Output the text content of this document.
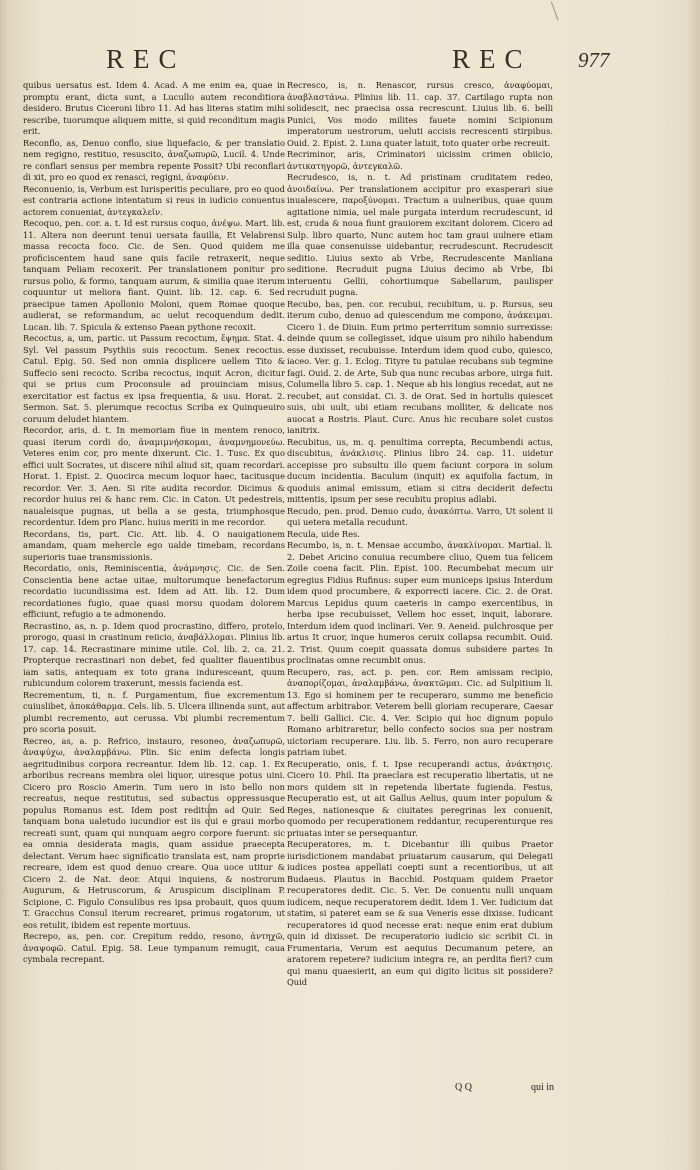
REC	REC 977

quibus uersatus est. Idem 4. Acad. A me enim ea, quae in promptu erant, dicta sunt, a Lucullo autem reconditiora desidero. Brutus Ciceroni libro 11. Ad has literas statim mihi rescribe, tuorumque aliquem mitte, si quid reconditum magis erit.

Reconflo, as, Denuo conflo, siue liquefacio, & per translatio nem regigno, restituo, resuscito, ἀναζωπυρῶ, Lucil. 4. Unde re conflari sensus per membra repente Possit? Ubi reconflari di xit, pro eo quod ex renasci, regigni, ἀναφύειν.

Reconuenio, is, Verbum est Iurisperitis peculiare, pro eo quod est contraria actione intentatum si reus in iudicio conuentus actorem conueniat, ἀντεγκαλεῖν.

Recoquo, pen. cor. a. t. Id est rursus coquo, ἀνέψω. Mart. lib. 11. Altera non deerunt tenui uersata fauilla, Et Velabrensi massa recocta foco. Cic. de Sen. Quod quidem me proficiscentem haud sane quis facile retraxerit, neque tanquam Peliam recoxerit. Per translationem ponitur pro rursus polio, & formo, tanquam aurum, & similia quae iterum coquuntur ut meliora fiant. Quint. lib. 12. cap. 6. Sed praecipue tamen Apollonio Moloni, quem Romae quoque audierat, se reformandum, ac uelut recoquendum dedit. Lucan. lib. 7. Spicula & extenso Paean pythone recoxit.

Recoctus, a, um, partic. ut Passum recoctum, ἕψημα. Stat. 4. Syl. Vel passum Psythiis suis recoctum. Senex recoctus. Catul. Epig. 50. Sed non omnia displicere uellem Tito & Suffecio seni recocto. Scriba recoctus, inquit Acron, dicitur qui se prius cum Proconsule ad prouinciam misus, exercitatior est factus ex ipsa frequentia, & usu. Horat. 2. Sermon. Sat. 5. plerumque recoctus Scriba ex Quinqueuiro coruum deludet hiantem.

Recordor, aris, d. t. In memoriam fiue in mentem renoco, quasi iterum cordi do, ἀναμιμνήσκομαι, ἀναμνημονεύω. Veteres enim cor, pro mente dixerunt. Cic. 1. Tusc. Ex quo effici uult Socrates, ut discere nihil aliud sit, quam recordari. Horat. 1. Epist. 2. Quocirca mecum loquor haec, tacitusque recordor. Ver. 3. Aen. Si rite audita recordor. Dicimus & recordor huius rei & hanc rem. Cic. in Caton. Ut pedestreis, naualeisque pugnas, ut bella a se gesta, triumphosque recordentur. Idem pro Planc. huius meriti in me recordor.

Recordans, tis, part. Cic. Att. lib. 4. O nauigationem amandam, quam mehercle ego ualde timebam, recordans superioris tuae transmissionis.

Recordatio, onis, Reminiscentia, ἀνάμνησις. Cic. de Sen. Conscientia bene actae uitae, multorumque benefactorum recordatio iucundissima est. Idem ad Att. lib. 12. Dum recordationes fugio, quae quasi morsu quodam dolorem efficiunt, refugio a te admonendo.

Recrastino, as, n. p. Idem quod procrastino, differo, protelo, prorogo, quasi in crastinum reiicio, ἀναβάλλομαι. Plinius lib. 17. cap. 14. Recrastinare minime utile. Col. lib. 2. ca. 21. Propterque recrastinari non debet, fed qualiter flauentibus iam satis, antequam ex toto grana induresceant, quum rubicundum colorem traxerunt, messis facienda est.

Recrementum, ti, n. f. Purgamentum, fiue excrementum cuiuslibet, ἀποκάθαρμα. Cels. lib. 5. Ulcera illinenda sunt, aut plumbi recremento, aut cerussa. Vbi plumbi recrementum pro scoria posuit.

Recreo, as, a. p. Refrico, instauro, resoneo, ἀναζωπυρῶ, ἀναψύχω, ἀναλαμβάνω. Plin. Sic enim defecta longis aegritudinibus corpora recreantur. Idem lib. 12. cap. 1. Ex arboribus recreans membra olei liquor, uiresque potus uini. Cicero pro Roscio Amerin. Tum uero in isto bello non recreatus, neque restitutus, sed subactus oppressusque populus Romanus est. Idem post reditum ad Quir. Sed tanquam bona ualetudo iucundior est iis qui e graui morbo recreati sunt, quam qui nunquam aegro corpore fuerunt: sic ea omnia desiderata magis, quam assidue praecepta delectant. Verum haec significatio translata est, nam proprie recreare, idem est quod denuo creare. Qua uoce utitur & Cicero 2. de Nat. deor. Atqui inquiens, & nostrorum Augurum, & Hetruscorum, & Aruspicum disciplinam P. Scipione, C. Figulo Consulibus res ipsa probauit, quos quum T. Gracchus Consul iterum recrearet, primus rogatorum, ut eos retulit, ibidem est repente mortuus.

Recrepo, as, pen. cor. Crepitum reddo, resono, ἀντηχῶ, ἀναψοφῶ. Catul. Epig. 58. Leue tympanum remugit, caua cymbala recrepant.

Recresco, is, n. Renascor, rursus cresco, ἀναφύομαι, ἀναβλαστάνω. Plinius lib. 11. cap. 37. Cartilago rupta non solidescit, nec praecisa ossa recrescunt. Liuius lib. 6. belli Punici, Vos modo milites fauete nomini Scipionum imperatorum uestrorum, ueluti accisis recrescenti stirpibus. Ouid. 2. Epist. 2. Luna quater latuit, toto quater orbe recreuit.

Recriminor, aris, Criminatori uicissim crimen obiicio, ἀντικατηγορῶ, ἀντεγκαλῶ.

Recrudesco, is, n. t. Ad pristinam cruditatem redeo, ἀνοιδαίνω. Per translationem accipitur pro exasperari siue inualescere, παροξύνομαι. Tractum a uulneribus, quae quum agitatione nimia, uel male purgata interdum recrudescunt, id est, cruda & noua fiunt grauiorem excitant dolorem. Cicero ad Sulp. libro quarto, Nunc autem hoc tam graui uulnere etiam illa quae consenuisse uidebantur, recrudescunt. Recrudescit seditio. Liuius sexto ab Vrbe, Recrudescente Manliana seditione. Recruduit pugna Liuius decimo ab Vrbe, Ibi interuentu Gellii, cohortiumque Sabellarum, paulisper recruduit pugna.

Recubo, bas, pen. cor. recubui, recubitum, u. p. Rursus, seu iterum cubo, denuo ad quiescendum me compono, ἀνάκειμαι. Cicero 1. de Diuin. Eum primo perterritum somnio surrexisse: deinde quum se collegisset, idque uisum pro nihilo habendum esse duxisset, recubuisse. Interdum idem quod cubo, quiesco, iaceo. Ver. g. 1. Eclog. Tityre tu patulae recubans sub tegmine fagi. Ouid. 2. de Arte, Sub qua nunc recubas arbore, uirga fuit. Columella libro 5. cap. 1. Neque ab his longius recedat, aut ne recubet, aut considat. Ci. 3. de Orat. Sed in hortulis quiescet suis, ubi uult, ubi etiam recubans molliter, & delicate nos auocat a Rostris. Plaut. Curc. Anus hic recubare solet custos ianitrix.

Recubitus, us, m. q. penultima correpta, Recumbendi actus, discubitus, ἀνάκλισις. Plinius libro 24. cap. 11. uidetur accepisse pro subsultu illo quem faciunt corpora in solum ducum incidentia. Baculum (inquit) ex aquifolia factum, in quoduis animal emissum, etiam si citra deciderit defectu mittentis, ipsum per sese recubitu propius adlabi.

Recudo, pen. prod. Denuo cudo, ἀνακόπτω. Varro, Ut solent ii qui uetera metalla recudunt.

Recula, uide Res.

Recumbo, is, n. t. Mensae accumbo, ἀνακλίνομαι. Martial. li. 2. Debet Aricino conuiua recumbere cliuo, Quem tua felicem Zoile coena facit. Plin. Epist. 100. Recumbebat mecum uir egregius Fidius Rufinus: super eum municeps ipsius Interdum idem quod procumbere, & exporrecti iacere. Cic. 2. de Orat. Marcus Lepidus quum caeteris in campo exercentibus, in herba ipse recubuisset, Vellem hoc esset, inquit, laborare. Interdum idem quod inclinari. Ver. 9. Aeneid. pulchrosque per artus It cruor, inque humeros ceruix collapsa recumbit. Ouid. 2. Trist. Quum coepit quassata domus subsidere partes In proclinatas omne recumbit onus.

Recupero, ras, act. p. pen. cor. Rem amissam recipio, ἀναπορίζομαι, ἀναλαμβάνω, ἀνακτῶμαι. Cic. ad Sulpitium li. 13. Ego si hominem per te recuperaro, summo me beneficio affectum arbitrabor. Veterem belli gloriam recuperare, Caesar 7. belli Gallici. Cic. 4. Ver. Scipio qui hoc dignum populo Romano arbitraretur, bello confecto socios sua per nostram uictoriam recuperare. Liu. lib. 5. Ferro, non auro recuperare patriam iubet.

Recuperatio, onis, f. t. Ipse recuperandi actus, ἀνάκτησις. Cicero 10. Phil. Ita praeclara est recuperatio libertatis, ut ne mors quidem sit in repetenda libertate fugienda. Festus, Recuperatio est, ut ait Gallus Aelius, quum inter populum & Reges, nationesque & ciuitates peregrinas lex conuenit, quomodo per recuperationem reddantur, recuperenturque res priuatas inter se persequantur.

Recuperatores, m. t. Dicebantur illi quibus Praetor iurisdictionem mandabat priuatarum causarum, qui Delegati iudices postea appellati coepti sunt a recentioribus, ut ait Budaeus. Plautus in Bacchid. Postquam quidem Praetor recuperatores dedit. Cic. 5. Ver. De conuentu nulli unquam iudicem, neque recuperatorem dedit. Idem 1. Ver. Iudicium dat statim, si pateret eam se & sua Veneris esse dixisse. Iudicant recuperatores id quod necesse erat: neque enim erat dubium quin id dixisset. De recuperatorio iudicio sic scribit Ci. in Frumentaria, Verum est aequius Decumanum petere, an aratorem repetere? iudicium integra re, an perdita fieri? cum qui manu quaesierit, an eum qui digito licitus sit possidere? Quid

Q Q	qui in
